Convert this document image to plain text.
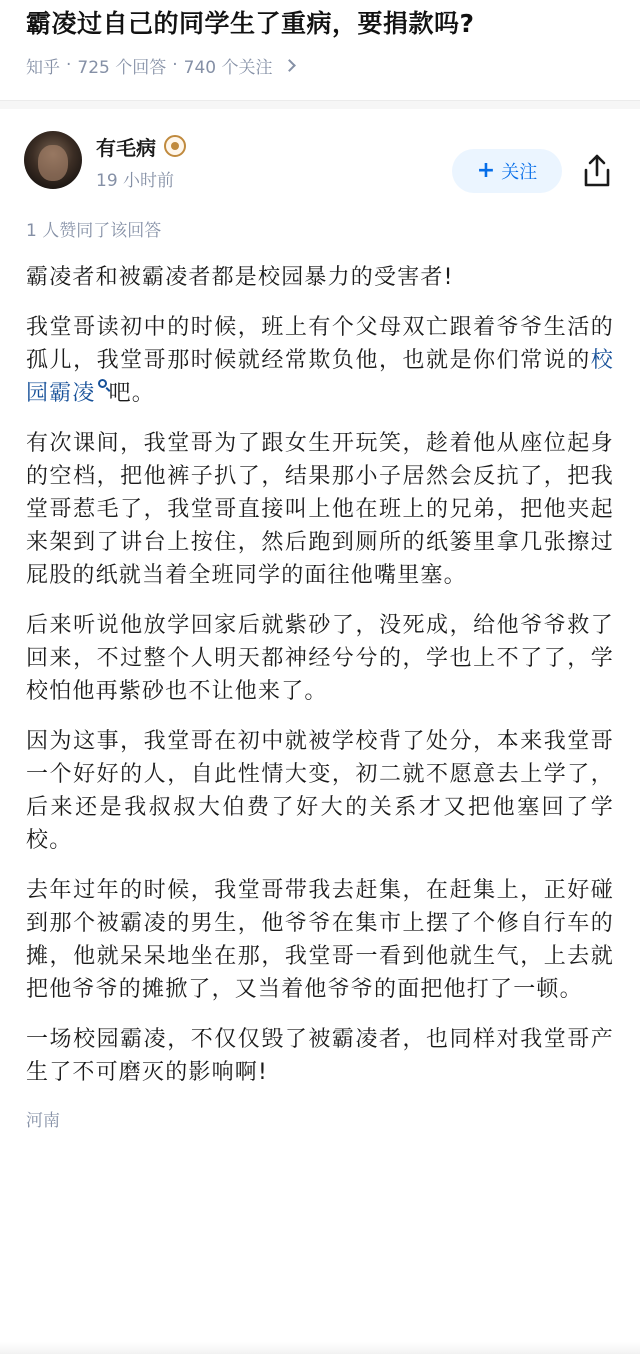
霸凌过自己的同学生了重病，要捐款吗?
知乎 · 725 个回答 · 740 个关注
有毛病
19 小时前	+ 关注
1 人赞同了该回答

霸凌者和被霸凌者都是校园暴力的受害者!

我堂哥读初中的时候，班上有个父母双亡跟着爷爷生活的孤儿，我堂哥那时候就经常欺负他，也就是你们常说的校园霸凌 吧。

有次课间，我堂哥为了跟女生开玩笑，趁着他从座位起身的空档，把他裤子扒了，结果那小子居然会反抗了，把我堂哥惹毛了，我堂哥直接叫上他在班上的兄弟，把他夹起来架到了讲台上按住，然后跑到厕所的纸篓里拿几张擦过屁股的纸就当着全班同学的面往他嘴里塞。

后来听说他放学回家后就紫砂了，没死成，给他爷爷救了回来，不过整个人明天都神经兮兮的，学也上不了了，学校怕他再紫砂也不让他来了。

因为这事，我堂哥在初中就被学校背了处分，本来我堂哥一个好好的人，自此性情大变，初二就不愿意去上学了，后来还是我叔叔大伯费了好大的关系才又把他塞回了学校。

去年过年的时候，我堂哥带我去赶集，在赶集上，正好碰到那个被霸凌的男生，他爷爷在集市上摆了个修自行车的摊，他就呆呆地坐在那，我堂哥一看到他就生气，上去就把他爷爷的摊掀了，又当着他爷爷的面把他打了一顿。

一场校园霸凌，不仅仅毁了被霸凌者，也同样对我堂哥产生了不可磨灭的影响啊!

河南
